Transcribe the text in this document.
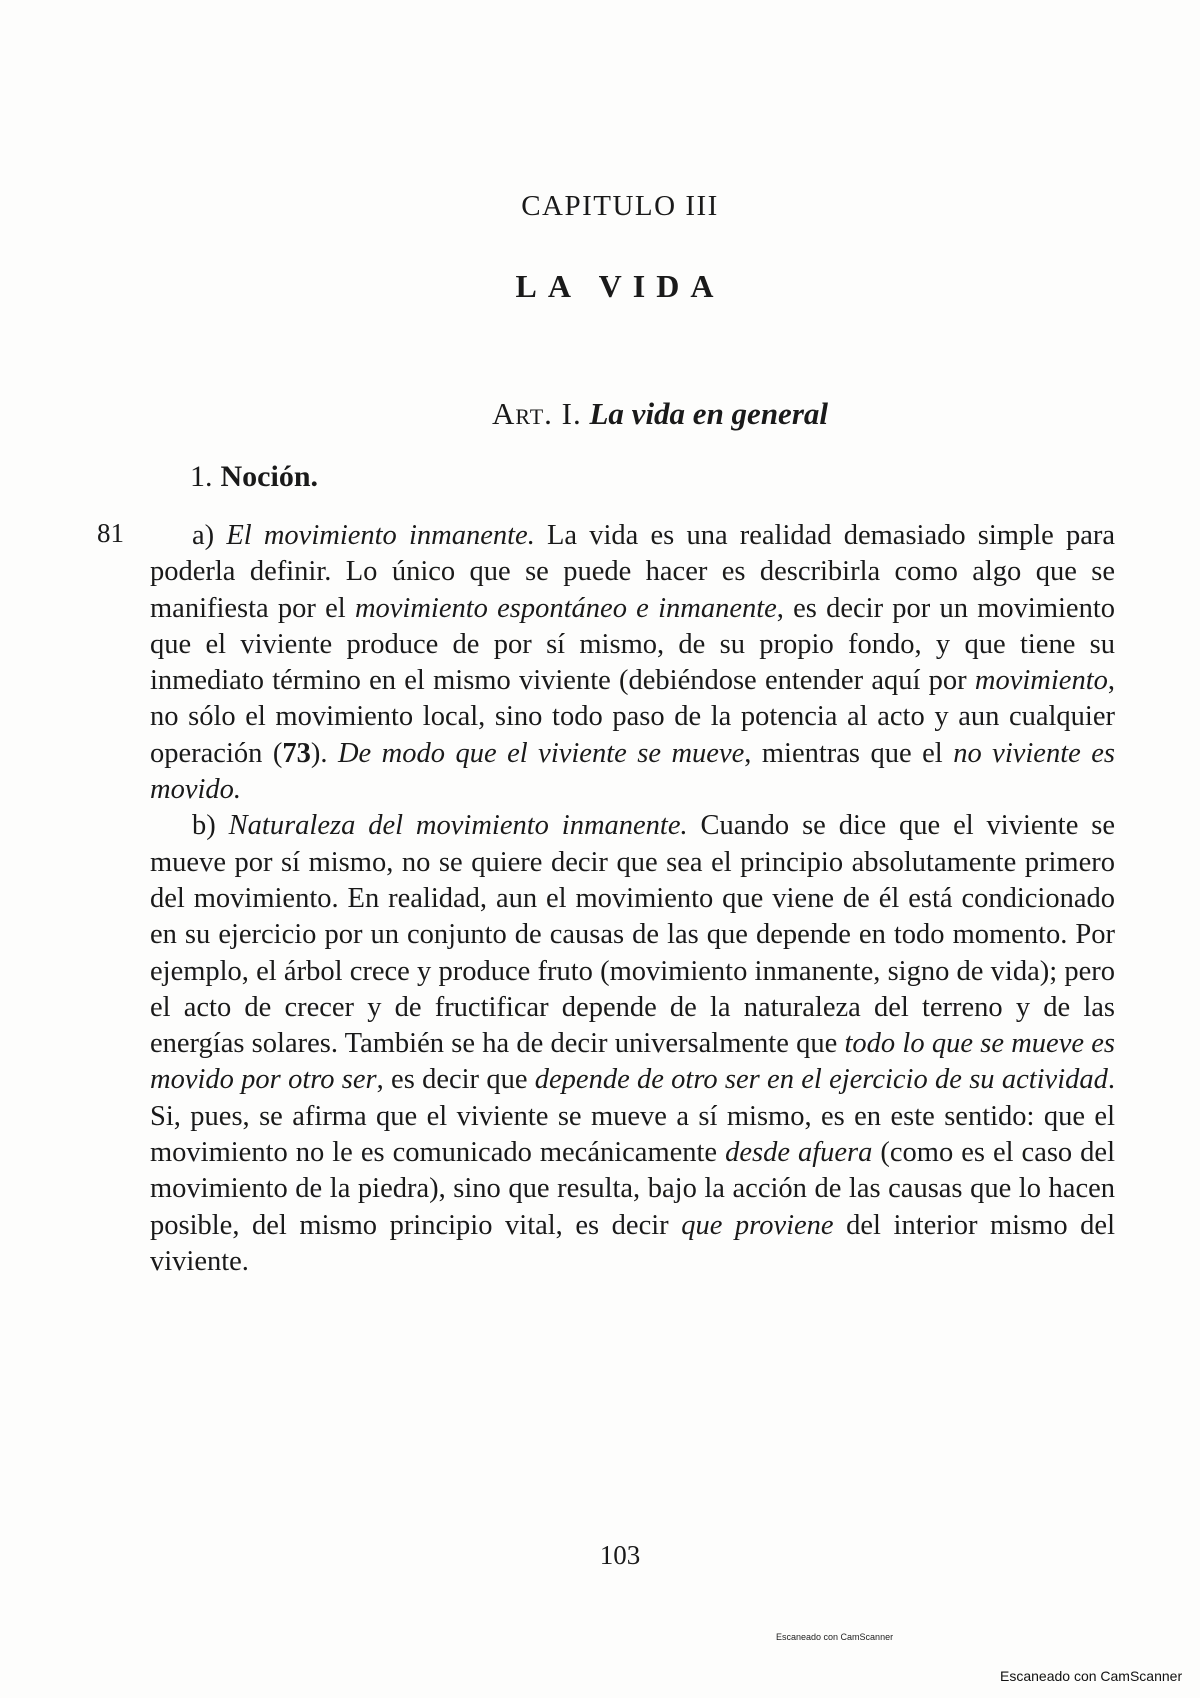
CAPITULO III
LA VIDA
Art. I. La vida en general
1. Noción.
81	a) El movimiento inmanente. La vida es una realidad demasiado simple para poderla definir. Lo único que se puede hacer es describirla como algo que se manifiesta por el movimiento espontáneo e inmanente, es decir por un movimiento que el viviente produce de por sí mismo, de su propio fondo, y que tiene su inmediato término en el mismo viviente (debiéndose entender aquí por movimiento, no sólo el movimiento local, sino todo paso de la potencia al acto y aun cualquier operación (73). De modo que el viviente se mueve, mientras que el no viviente es movido.

b) Naturaleza del movimiento inmanente. Cuando se dice que el viviente se mueve por sí mismo, no se quiere decir que sea el principio absolutamente primero del movimiento. En realidad, aun el movimiento que viene de él está condicionado en su ejercicio por un conjunto de causas de las que depende en todo momento. Por ejemplo, el árbol crece y produce fruto (movimiento inmanente, signo de vida); pero el acto de crecer y de fructificar depende de la naturaleza del terreno y de las energías solares. También se ha de decir universalmente que todo lo que se mueve es movido por otro ser, es decir que depende de otro ser en el ejercicio de su actividad. Si, pues, se afirma que el viviente se mueve a sí mismo, es en este sentido: que el movimiento no le es comunicado mecánicamente desde afuera (como es el caso del movimiento de la piedra), sino que resulta, bajo la acción de las causas que lo hacen posible, del mismo principio vital, es decir que proviene del interior mismo del viviente.

103
Escaneado con CamScanner
Escaneado con CamScanner
